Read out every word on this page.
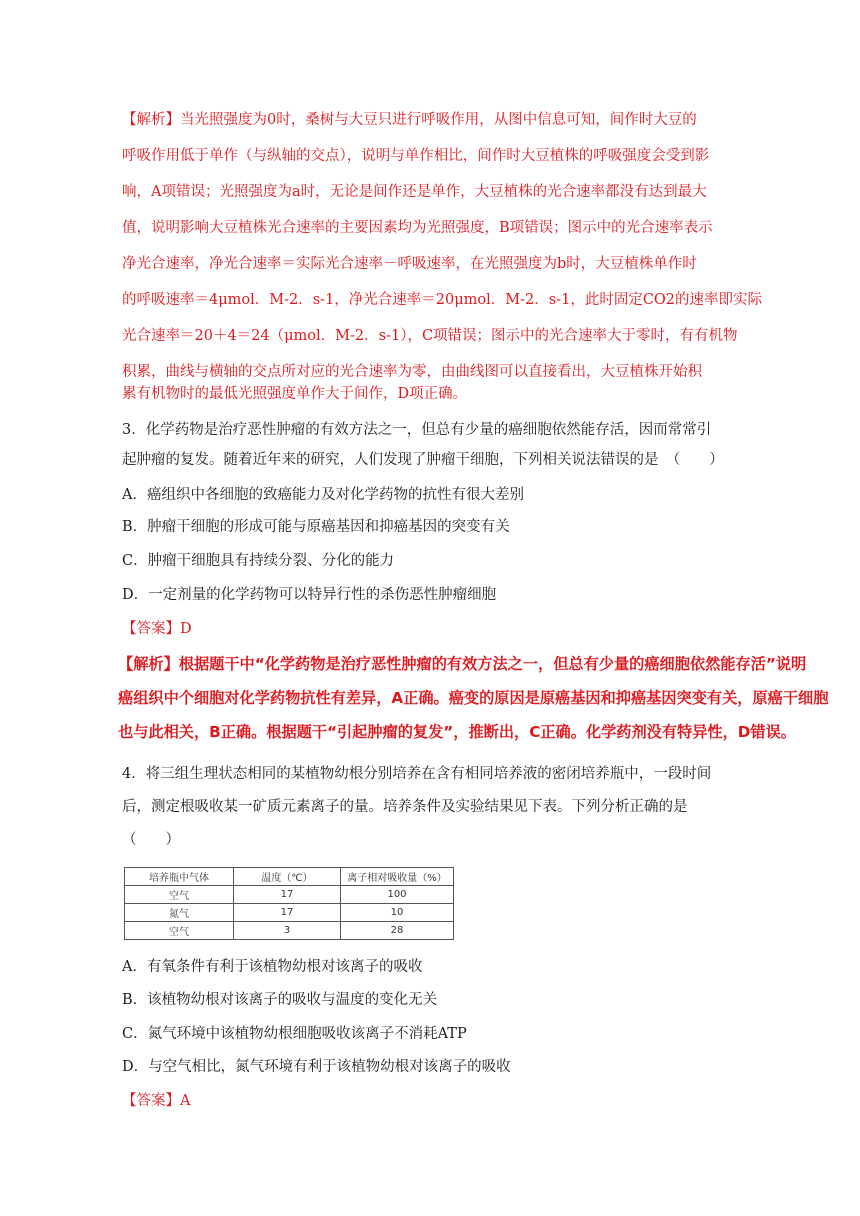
【解析】当光照强度为0时，桑树与大豆只进行呼吸作用，从图中信息可知，间作时大豆的
呼吸作用低于单作（与纵轴的交点），说明与单作相比，间作时大豆植株的呼吸强度会受到影
响，A项错误；光照强度为a时，无论是间作还是单作，大豆植株的光合速率都没有达到最大
值，说明影响大豆植株光合速率的主要因素均为光照强度，B项错误；图示中的光合速率表示
净光合速率，净光合速率＝实际光合速率－呼吸速率，在光照强度为b时，大豆植株单作时
的呼吸速率＝4μmol．M-2．s-1，净光合速率＝20μmol．M-2．s-1，此时固定CO2的速率即实际
光合速率＝20＋4＝24（μmol．M-2．s-1），C项错误；图示中的光合速率大于零时，有有机物
积累，曲线与横轴的交点所对应的光合速率为零，由曲线图可以直接看出，大豆植株开始积
累有机物时的最低光照强度单作大于间作，D项正确。
3．化学药物是治疗恶性肿瘤的有效方法之一，但总有少量的癌细胞依然能存活，因而常常引
起肿瘤的复发。随着近年来的研究，人们发现了肿瘤干细胞，下列相关说法错误的是　（　　）
A．癌组织中各细胞的致癌能力及对化学药物的抗性有很大差别
B．肿瘤干细胞的形成可能与原癌基因和抑癌基因的突变有关
C．肿瘤干细胞具有持续分裂、分化的能力
D．一定剂量的化学药物可以特异行性的杀伤恶性肿瘤细胞
【答案】D
【解析】根据题干中“化学药物是治疗恶性肿瘤的有效方法之一，但总有少量的癌细胞依然能存活”说明
癌组织中个细胞对化学药物抗性有差异，A正确。癌变的原因是原癌基因和抑癌基因突变有关，原癌干细胞
也与此相关，B正确。根据题干“引起肿瘤的复发”，推断出，C正确。化学药剂没有特异性，D错误。
4．将三组生理状态相同的某植物幼根分别培养在含有相同培养液的密闭培养瓶中，一段时间
后，测定根吸收某一矿质元素离子的量。培养条件及实验结果见下表。下列分析正确的是
（　　）
培养瓶中气体	温度（℃）	离子相对吸收量（%）
空气	17	100
氮气	17	10
空气	3	28
A．有氧条件有利于该植物幼根对该离子的吸收
B．该植物幼根对该离子的吸收与温度的变化无关
C．氮气环境中该植物幼根细胞吸收该离子不消耗ATP
D．与空气相比，氮气环境有利于该植物幼根对该离子的吸收
【答案】A
